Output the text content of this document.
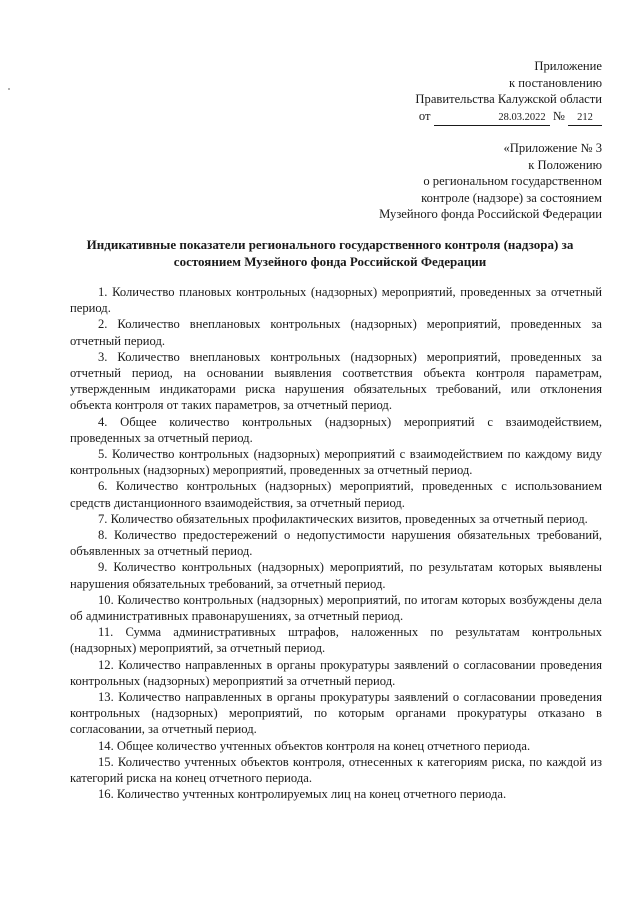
Приложение
к постановлению
Правительства Калужской области
от	28.03.2022 № 212
«Приложение № 3
к Положению
о региональном государственном
контроле (надзоре) за состоянием
Музейного фонда Российской Федерации
Индикативные показатели регионального государственного контроля (надзора) за
состоянием Музейного фонда Российской Федерации

1. Количество плановых контрольных (надзорных) мероприятий, проведенных за отчетный период.

2. Количество внеплановых контрольных (надзорных) мероприятий, проведенных за отчетный период.

3. Количество внеплановых контрольных (надзорных) мероприятий, проведенных за отчетный период, на основании выявления соответствия объекта контроля параметрам, утвержденным индикаторами риска нарушения обязательных требований, или отклонения объекта контроля от таких параметров, за отчетный период.

4. Общее количество контрольных (надзорных) мероприятий с взаимодействием, проведенных за отчетный период.

5. Количество контрольных (надзорных) мероприятий с взаимодействием по каждому виду контрольных (надзорных) мероприятий, проведенных за отчетный период.

6. Количество контрольных (надзорных) мероприятий, проведенных с использованием средств дистанционного взаимодействия, за отчетный период.

7. Количество обязательных профилактических визитов, проведенных за отчетный период.

8. Количество предостережений о недопустимости нарушения обязательных требований, объявленных за отчетный период.

9. Количество контрольных (надзорных) мероприятий, по результатам которых выявлены нарушения обязательных требований, за отчетный период.

10. Количество контрольных (надзорных) мероприятий, по итогам которых возбуждены дела об административных правонарушениях, за отчетный период.

11. Сумма административных штрафов, наложенных по результатам контрольных (надзорных) мероприятий, за отчетный период.

12. Количество направленных в органы прокуратуры заявлений о согласовании проведения контрольных (надзорных) мероприятий за отчетный период.

13. Количество направленных в органы прокуратуры заявлений о согласовании проведения контрольных (надзорных) мероприятий, по которым органами прокуратуры отказано в согласовании, за отчетный период.

14. Общее количество учтенных объектов контроля на конец отчетного периода.

15. Количество учтенных объектов контроля, отнесенных к категориям риска, по каждой из категорий риска на конец отчетного периода.

16. Количество учтенных контролируемых лиц на конец отчетного периода.
